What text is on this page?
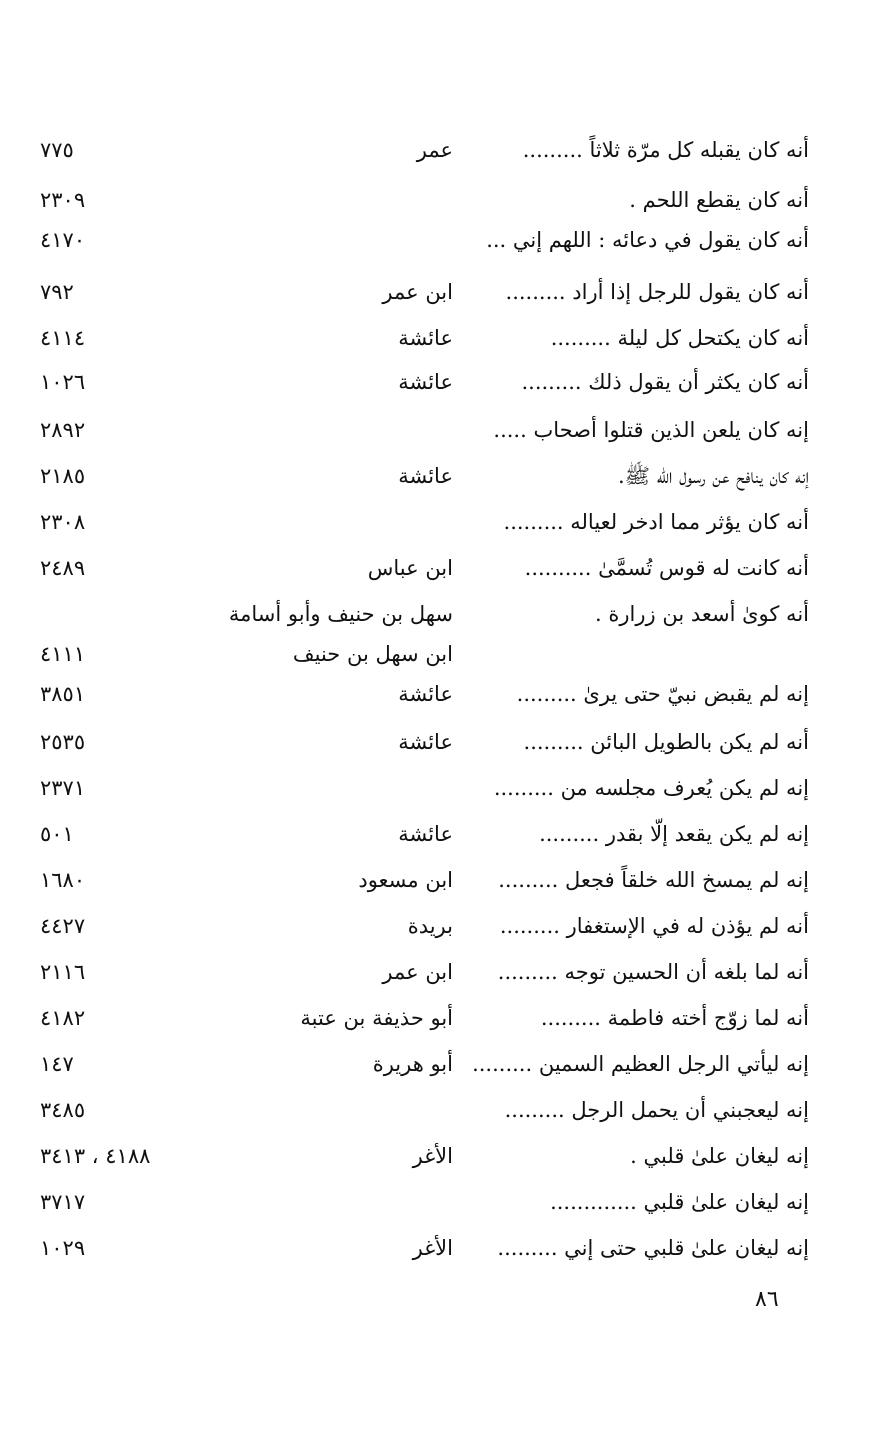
أنه كان يقبله كل مرّة ثلاثاً .........
عمر
٧٧٥
أنه كان يقطع اللحم .
٢٣٠٩
أنه كان يقول في دعائه : اللهم إني ...
٤١٧٠
أنه كان يقول للرجل إذا أراد .........
ابن عمر
٧٩٢
أنه كان يكتحل كل ليلة .........
عائشة
٤١١٤
أنه كان يكثر أن يقول ذلك .........
عائشة
١٠٢٦
إنه كان يلعن الذين قتلوا أصحاب .....
٢٨٩٢
إنه كان ينافح عن رسول الله ﷺ.
عائشة
٢١٨٥
أنه كان يؤثر مما ادخر لعياله .........
٢٣٠٨
أنه كانت له قوس تُسمَّىٰ ..........
ابن عباس
٢٤٨٩
أنه كوىٰ أسعد بن زرارة .
سهل بن حنيف وأبو أسامة
ابن سهل بن حنيف
٤١١١
إنه لم يقبض نبيّ حتى يرىٰ .........
عائشة
٣٨٥١
أنه لم يكن بالطويل البائن .........
عائشة
٢٥٣٥
إنه لم يكن يُعرف مجلسه من .........
٢٣٧١
إنه لم يكن يقعد إلّا بقدر .........
عائشة
٥٠١
إنه لم يمسخ الله خلقاً فجعل .........
ابن مسعود
١٦٨٠
أنه لم يؤذن له في الإستغفار .........
بريدة
٤٤٢٧
أنه لما بلغه أن الحسين توجه .........
ابن عمر
٢١١٦
أنه لما زوّج أخته فاطمة .........
أبو حذيفة بن عتبة
٤١٨٢
إنه ليأتي الرجل العظيم السمين .........
أبو هريرة
١٤٧
إنه ليعجبني أن يحمل الرجل .........
٣٤٨٥
إنه ليغان علىٰ قلبي .
الأغر
٤١٨٨ ، ٣٤١٣
إنه ليغان علىٰ قلبي .............
٣٧١٧
إنه ليغان علىٰ قلبي حتى إني .........
الأغر
١٠٢٩
٨٦
